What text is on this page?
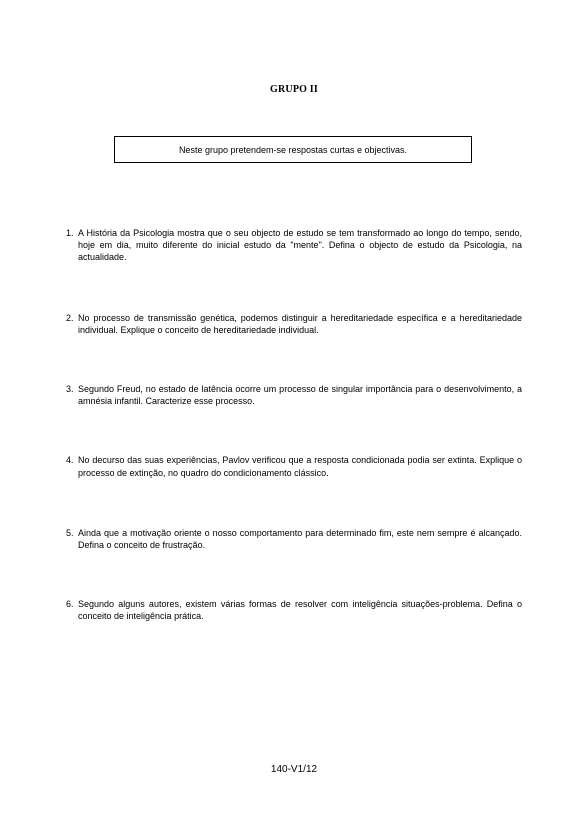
GRUPO II
Neste grupo pretendem-se respostas curtas e objectivas.
1. A História da Psicologia mostra que o seu objecto de estudo se tem transformado ao longo do tempo, sendo, hoje em dia, muito diferente do inicial estudo da "mente". Defina o objecto de estudo da Psicologia, na actualidade.
2. No processo de transmissão genética, podemos distinguir a hereditariedade específica e a hereditariedade individual. Explique o conceito de hereditariedade individual.
3. Segundo Freud, no estado de latência ocorre um processo de singular importância para o desenvolvimento, a amnésia infantil. Caracterize esse processo.
4. No decurso das suas experiências, Pavlov verificou que a resposta condicionada podia ser extinta. Explique o processo de extinção, no quadro do condicionamento clássico.
5. Ainda que a motivação oriente o nosso comportamento para determinado fim, este nem sempre é alcançado. Defina o conceito de frustração.
6. Segundo alguns autores, existem várias formas de resolver com inteligência situações-problema. Defina o conceito de inteligência prática.
140-V1/12
